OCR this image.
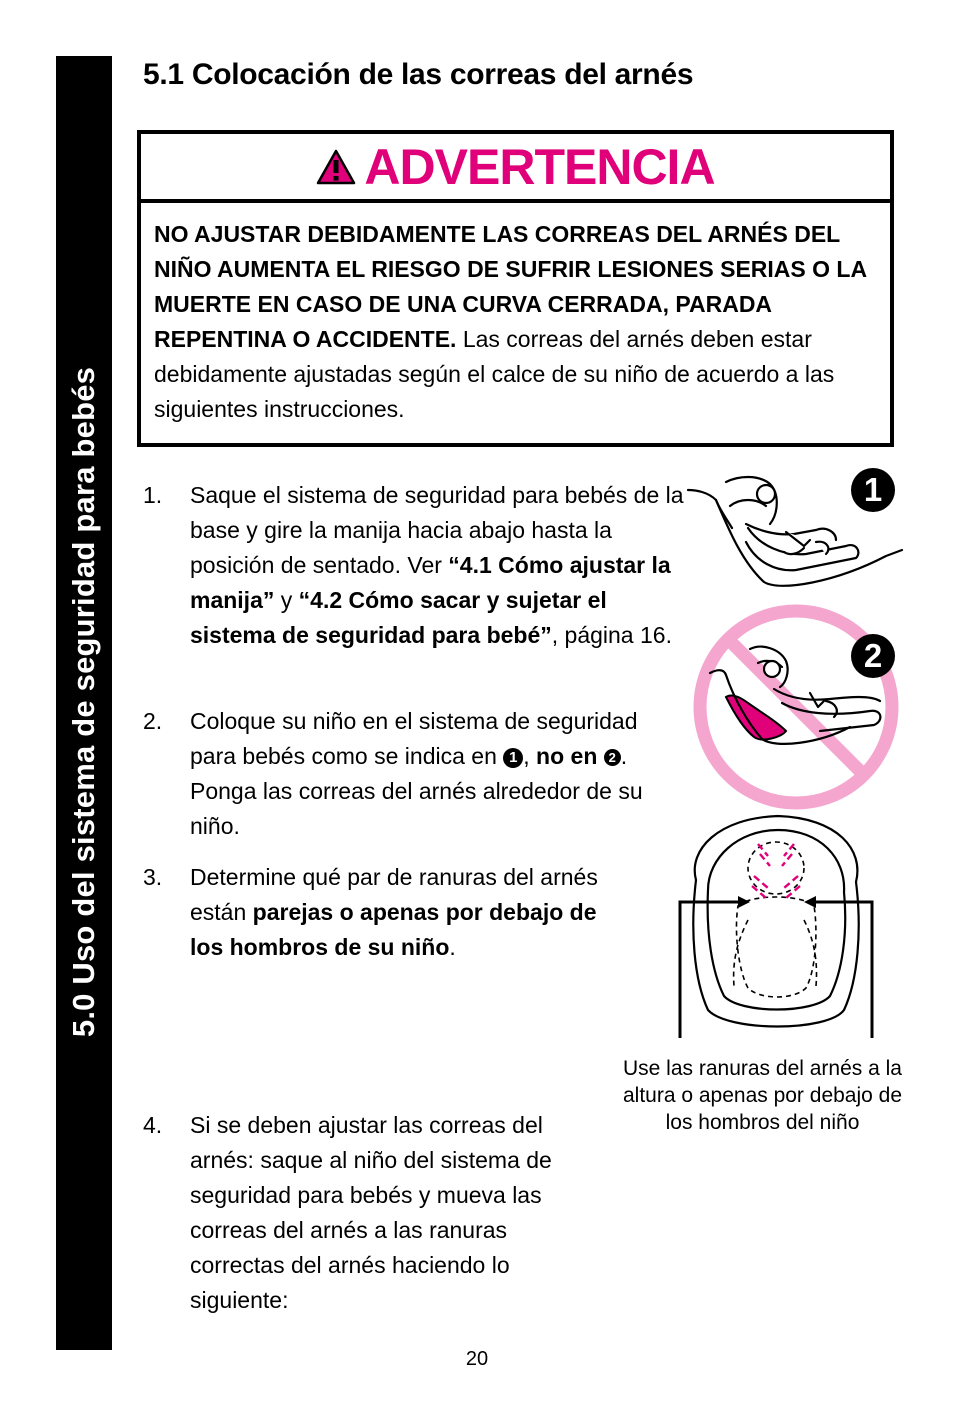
5.0 Uso del sistema de seguridad para bebés
5.1 Colocación de las correas del arnés
ADVERTENCIA
NO AJUSTAR DEBIDAMENTE LAS CORREAS DEL ARNÉS DEL NIÑO AUMENTA EL RIESGO DE SUFRIR LESIONES SERIAS O LA MUERTE EN CASO DE UNA CURVA CERRADA, PARADA REPENTINA O ACCIDENTE. Las correas del arnés deben estar debidamente ajustadas según el calce de su niño de acuerdo a las siguientes instrucciones.
1.	Saque el sistema de seguridad para bebés de la base y gire la manija hacia abajo hasta la posición de sentado. Ver “4.1 Cómo ajustar la manija” y “4.2 Cómo sacar y sujetar el sistema de seguridad para bebé”, página 16.
2.	Coloque su niño en el sistema de seguridad para bebés como se indica en 1 , no en 2 . Ponga las correas del arnés alrededor de su niño.
3.	Determine qué par de ranuras del arnés están parejas o apenas por debajo de los hombros de su niño.
4.	Si se deben ajustar las correas del arnés: saque al niño del sistema de seguridad para bebés y mueva las correas del arnés a las ranuras correctas del arnés haciendo lo siguiente:
1
2
Use las ranuras del arnés a la altura o apenas por debajo de los hombros del niño
20
